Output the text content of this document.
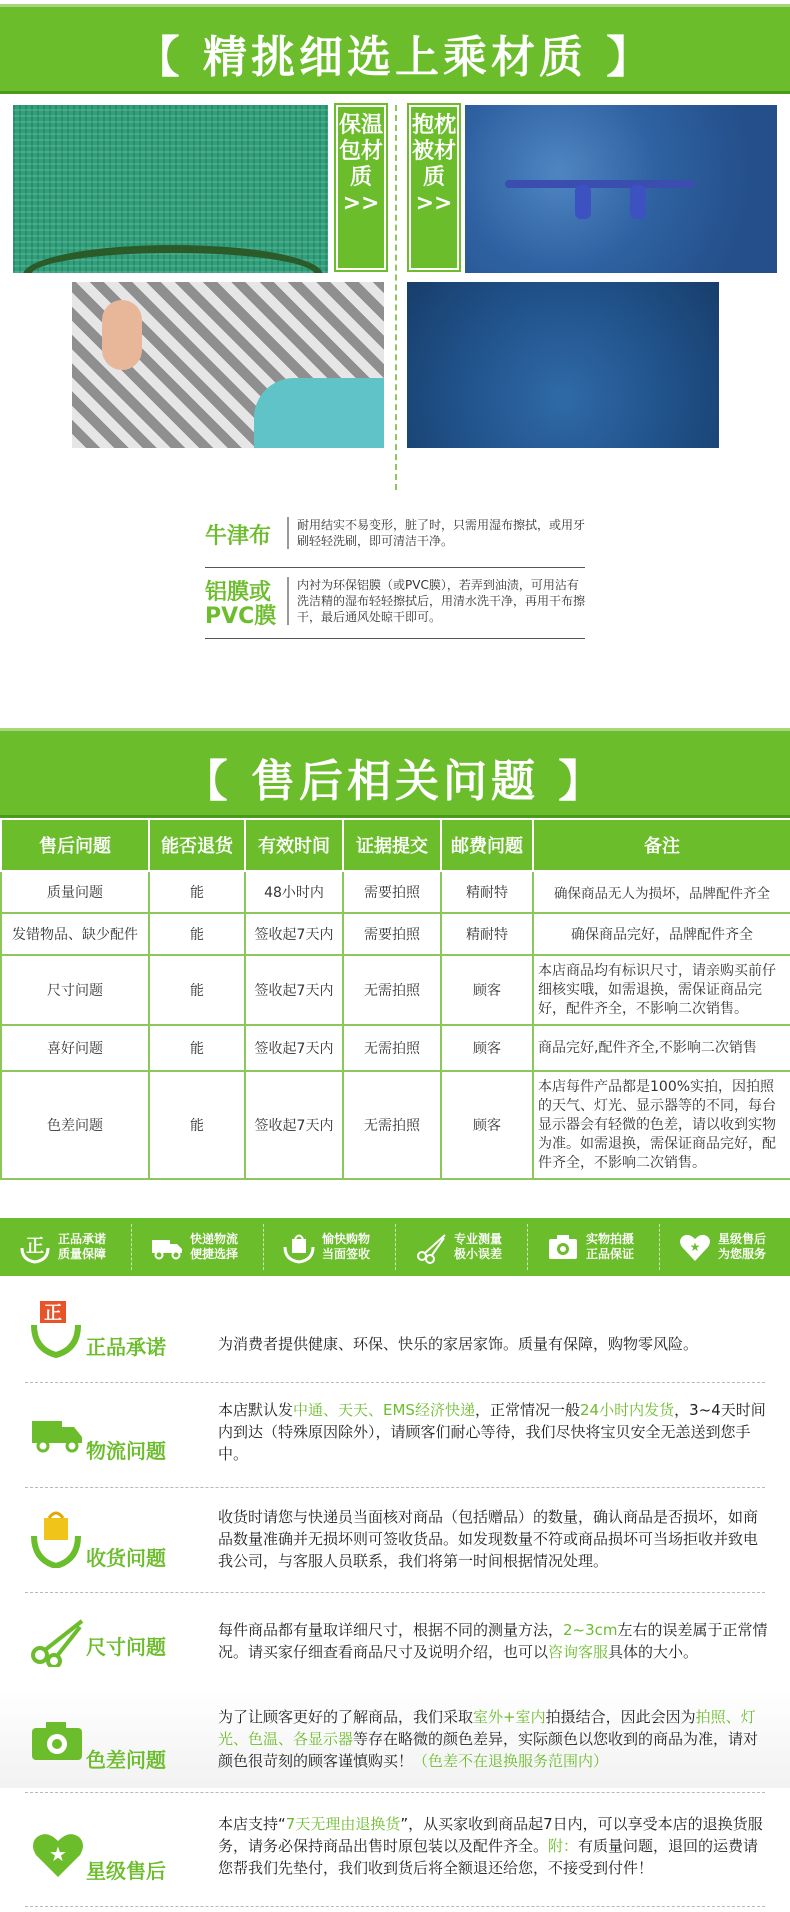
【 精挑细选上乘材质 】
保温包材质>>
抱枕被材质>>
牛津布	耐用结实不易变形，脏了时，只需用湿布擦拭，或用牙刷轻轻洗刷，即可清洁干净。
铝膜或PVC膜
内衬为环保铝膜（或PVC膜），若弄到油渍，可用沾有洗洁精的湿布轻轻擦拭后，用清水洗干净，再用干布擦干，最后通风处晾干即可。
【 售后相关问题 】
售后问题	能否退货	有效时间	证据提交	邮费问题	备注
质量问题	能	48小时内	需要拍照	精耐特	确保商品无人为损坏，品牌配件齐全
发错物品、缺少配件	能	签收起7天内	需要拍照	精耐特	确保商品完好，品牌配件齐全
尺寸问题	能	签收起7天内	无需拍照	顾客	本店商品均有标识尺寸，请亲购买前仔细核实哦，如需退换，需保证商品完好，配件齐全，不影响二次销售。
喜好问题	能	签收起7天内	无需拍照	顾客	商品完好,配件齐全,不影响二次销售
色差问题	能	签收起7天内	无需拍照	顾客	本店每件产品都是100%实拍，因拍照的天气、灯光、显示器等的不同，每台显示器会有轻微的色差，请以收到实物为准。如需退换，需保证商品完好，配件齐全，不影响二次销售。
正 正品承诺
质量保障
快递物流
便捷选择
愉快购物
当面签收
专业测量
极小误差
实物拍摄
正品保证	★
星级售后
为您服务
正
正品承诺	为消费者提供健康、环保、快乐的家居家饰。质量有保障，购物零风险。
物流问题
本店默认发中通、天天、EMS经济快递，正常情况一般24小时内发货，3~4天时间内到达（特殊原因除外），请顾客们耐心等待，我们尽快将宝贝安全无恙送到您手中。
收货问题
收货时请您与快递员当面核对商品（包括赠品）的数量，确认商品是否损坏，如商品数量准确并无损坏则可签收货品。如发现数量不符或商品损坏可当场拒收并致电我公司，与客服人员联系，我们将第一时间根据情况处理。
尺寸问题
每件商品都有量取详细尺寸，根据不同的测量方法，2~3cm左右的误差属于正常情况。请买家仔细查看商品尺寸及说明介绍，也可以咨询客服具体的大小。
色差问题
为了让顾客更好的了解商品，我们采取室外+室内拍摄结合，因此会因为拍照、灯光、色温、各显示器等存在略微的颜色差异，实际颜色以您收到的商品为准，请对颜色很苛刻的顾客谨慎购买！（色差不在退换服务范围内）
★
星级售后
本店支持“7天无理由退换货”，从买家收到商品起7日内，可以享受本店的退换货服务，请务必保持商品出售时原包装以及配件齐全。附：有质量问题，退回的运费请您帮我们先垫付，我们收到货后将全额退还给您，不接受到付件！
